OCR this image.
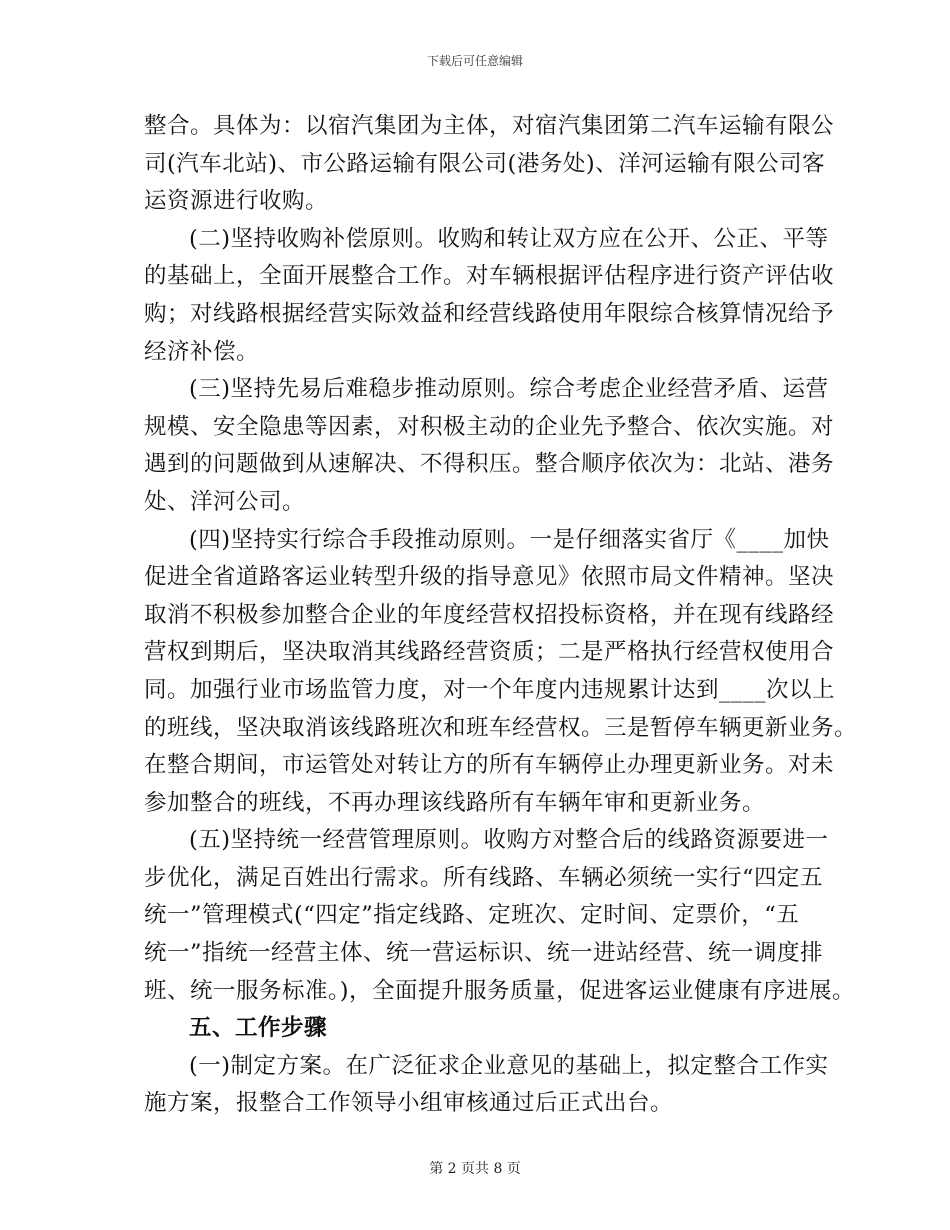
下载后可任意编辑
整合。具体为：以宿汽集团为主体，对宿汽集团第二汽车运输有限公
司(汽车北站)、市公路运输有限公司(港务处)、洋河运输有限公司客
运资源进行收购。
(二)坚持收购补偿原则。收购和转让双方应在公开、公正、平等
的基础上，全面开展整合工作。对车辆根据评估程序进行资产评估收
购；对线路根据经营实际效益和经营线路使用年限综合核算情况给予
经济补偿。
(三)坚持先易后难稳步推动原则。综合考虑企业经营矛盾、运营
规模、安全隐患等因素，对积极主动的企业先予整合、依次实施。对
遇到的问题做到从速解决、不得积压。整合顺序依次为：北站、港务
处、洋河公司。
(四)坚持实行综合手段推动原则。一是仔细落实省厅《____加快
促进全省道路客运业转型升级的指导意见》依照市局文件精神。坚决
取消不积极参加整合企业的年度经营权招投标资格，并在现有线路经
营权到期后，坚决取消其线路经营资质；二是严格执行经营权使用合
同。加强行业市场监管力度，对一个年度内违规累计达到____次以上
的班线，坚决取消该线路班次和班车经营权。三是暂停车辆更新业务。
在整合期间，市运管处对转让方的所有车辆停止办理更新业务。对未
参加整合的班线，不再办理该线路所有车辆年审和更新业务。
(五)坚持统一经营管理原则。收购方对整合后的线路资源要进一
步优化，满足百姓出行需求。所有线路、车辆必须统一实行“四定五
统一”管理模式(“四定”指定线路、定班次、定时间、定票价，“五
统一”指统一经营主体、统一营运标识、统一进站经营、统一调度排
班、统一服务标准。)，全面提升服务质量，促进客运业健康有序进展。
五、工作步骤
(一)制定方案。在广泛征求企业意见的基础上，拟定整合工作实
施方案，报整合工作领导小组审核通过后正式出台。
第 2 页共 8 页
